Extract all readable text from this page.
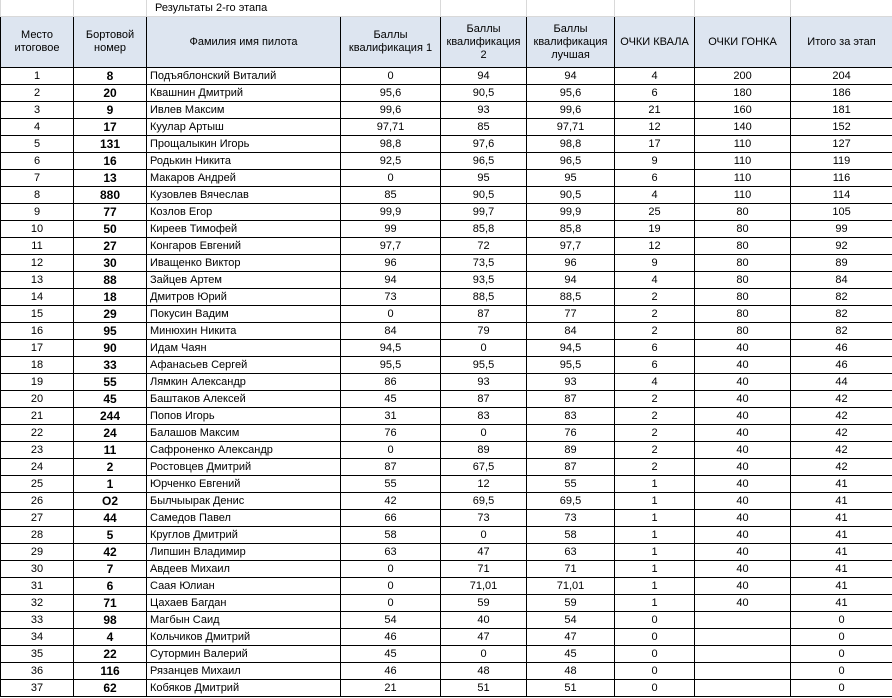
		Результаты 2-го этапа						
Место итоговое	Бортовой номер	Фамилия имя пилота	Баллы квалификация 1	Баллы квалификация 2	Баллы квалификация лучшая	ОЧКИ КВАЛА	ОЧКИ ГОНКА	Итого за этап
1	8	Подъяблонский Виталий	0	94	94	4	200	204
2	20	Квашнин Дмитрий	95,6	90,5	95,6	6	180	186
3	9	Ивлев Максим	99,6	93	99,6	21	160	181
4	17	Куулар Артыш	97,71	85	97,71	12	140	152
5	131	Прощалыкин Игорь	98,8	97,6	98,8	17	110	127
6	16	Родькин Никита	92,5	96,5	96,5	9	110	119
7	13	Макаров Андрей	0	95	95	6	110	116
8	880	Кузовлев Вячеслав	85	90,5	90,5	4	110	114
9	77	Козлов Егор	99,9	99,7	99,9	25	80	105
10	50	Киреев Тимофей	99	85,8	85,8	19	80	99
11	27	Конгаров Евгений	97,7	72	97,7	12	80	92
12	30	Иващенко Виктор	96	73,5	96	9	80	89
13	88	Зайцев Артем	94	93,5	94	4	80	84
14	18	Дмитров Юрий	73	88,5	88,5	2	80	82
15	29	Покусин Вадим	0	87	77	2	80	82
16	95	Минюхин Никита	84	79	84	2	80	82
17	90	Идам Чаян	94,5	0	94,5	6	40	46
18	33	Афанасьев Сергей	95,5	95,5	95,5	6	40	46
19	55	Лямкин Александр	86	93	93	4	40	44
20	45	Баштаков Алексей	45	87	87	2	40	42
21	244	Попов Игорь	31	83	83	2	40	42
22	24	Балашов Максим	76	0	76	2	40	42
23	11	Сафроненко Александр	0	89	89	2	40	42
24	2	Ростовцев Дмитрий	87	67,5	87	2	40	42
25	1	Юрченко Евгений	55	12	55	1	40	41
26	O2	Былчыырак Денис	42	69,5	69,5	1	40	41
27	44	Самедов Павел	66	73	73	1	40	41
28	5	Круглов Дмитрий	58	0	58	1	40	41
29	42	Липшин Владимир	63	47	63	1	40	41
30	7	Авдеев Михаил	0	71	71	1	40	41
31	6	Саая Юлиан	0	71,01	71,01	1	40	41
32	71	Цахаев Багдан	0	59	59	1	40	41
33	98	Магбын Саид	54	40	54	0		0
34	4	Кольчиков Дмитрий	46	47	47	0		0
35	22	Сутормин Валерий	45	0	45	0		0
36	116	Рязанцев Михаил	46	48	48	0		0
37	62	Кобяков Дмитрий	21	51	51	0		0
